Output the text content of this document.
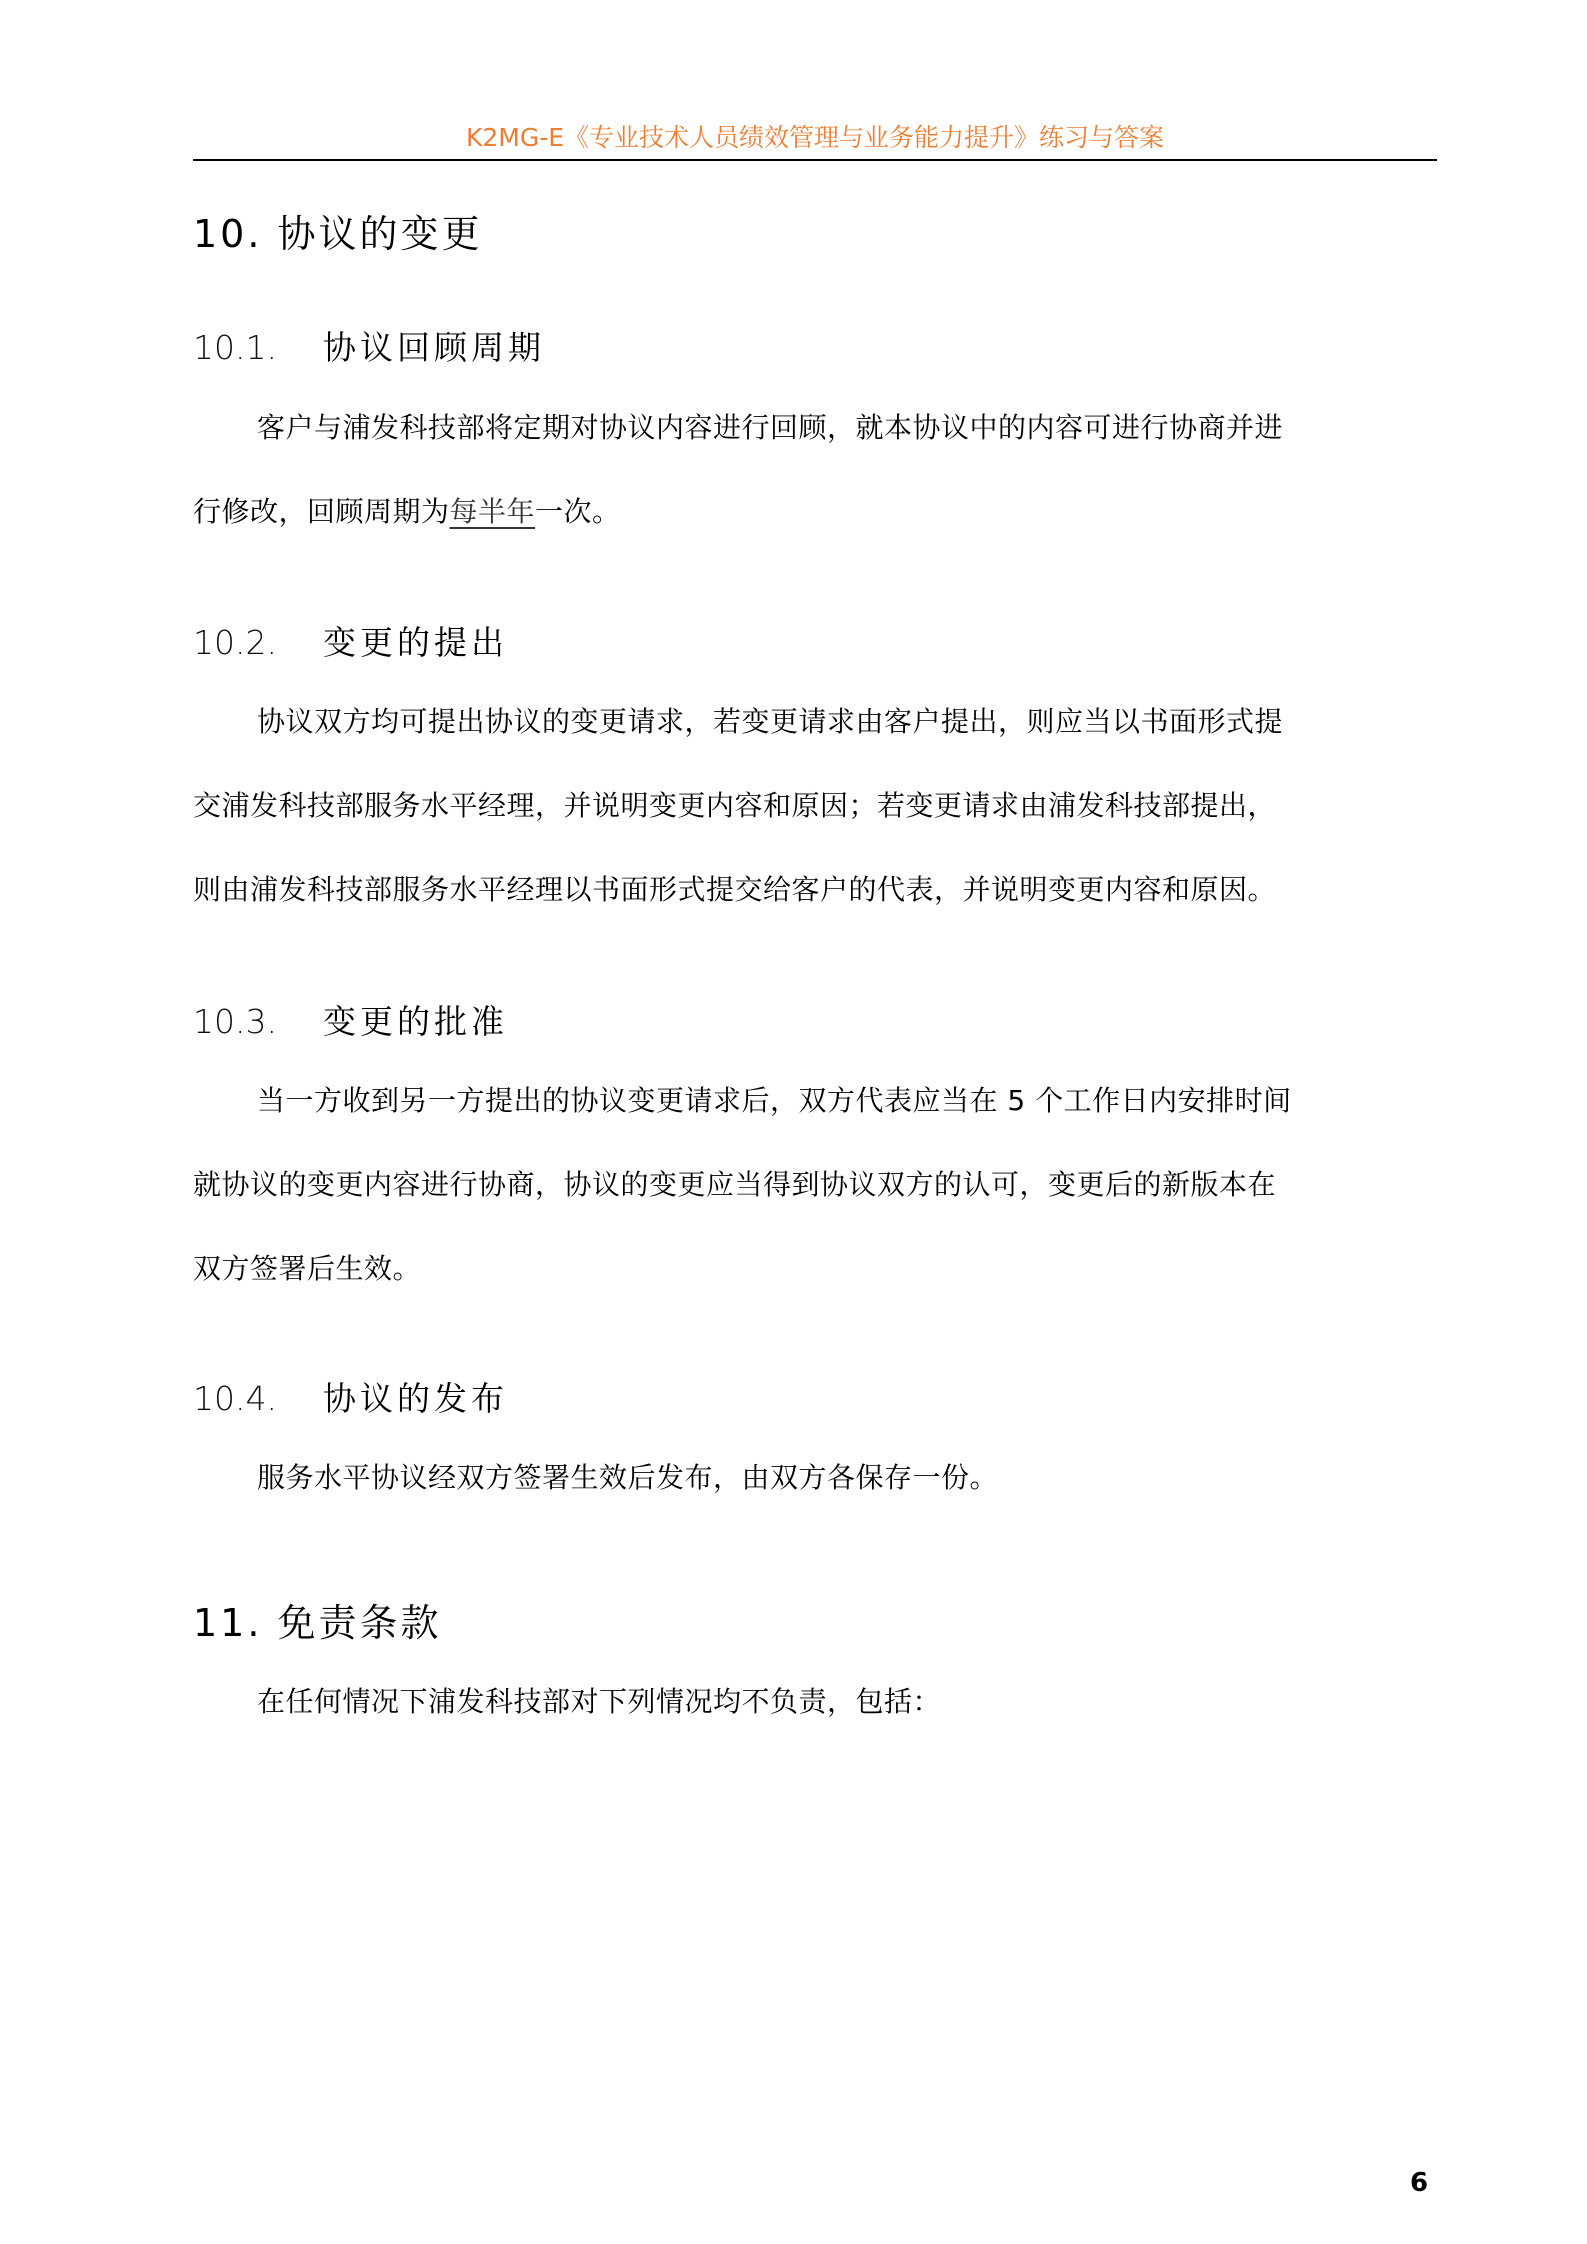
K2MG-E《专业技术人员绩效管理与业务能力提升》练习与答案
10. 协议的变更
10.1. 协议回顾周期
客户与浦发科技部将定期对协议内容进行回顾，就本协议中的内容可进行协商并进
行修改，回顾周期为每半年一次。
10.2. 变更的提出
协议双方均可提出协议的变更请求，若变更请求由客户提出，则应当以书面形式提
交浦发科技部服务水平经理，并说明变更内容和原因；若变更请求由浦发科技部提出，
则由浦发科技部服务水平经理以书面形式提交给客户的代表，并说明变更内容和原因。
10.3. 变更的批准
当一方收到另一方提出的协议变更请求后，双方代表应当在 5 个工作日内安排时间
就协议的变更内容进行协商，协议的变更应当得到协议双方的认可，变更后的新版本在
双方签署后生效。
10.4. 协议的发布
服务水平协议经双方签署生效后发布，由双方各保存一份。
11. 免责条款
在任何情况下浦发科技部对下列情况均不负责，包括：
6
